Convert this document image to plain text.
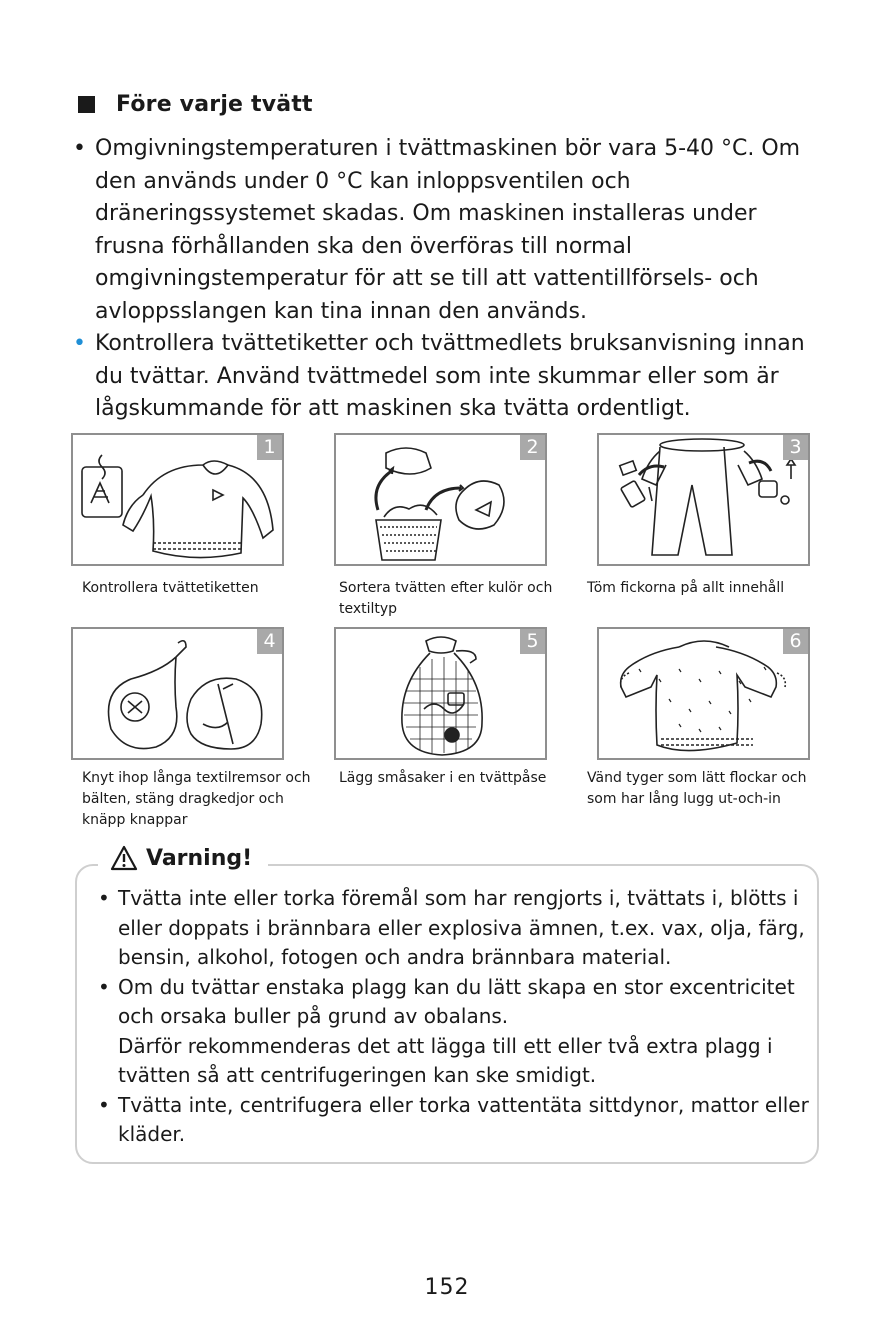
Före varje tvätt
• Omgivningstemperaturen i tvättmaskinen bör vara 5-40 °C. Om den används under 0 °C kan inloppsventilen och dräneringssystemet skadas. Om maskinen installeras under frusna förhållanden ska den överföras till normal omgivningstemperatur för att se till att vattentillförsels- och avloppsslangen kan tina innan den används.
• Kontrollera tvättetiketter och tvättmedlets bruksanvisning innan du tvättar. Använd tvättmedel som inte skummar eller som är lågskummande för att maskinen ska tvätta ordentligt.
1
Kontrollera tvättetiketten
2
Sortera tvätten efter kulör och textiltyp
3
Töm fickorna på allt innehåll
4
Knyt ihop långa textilremsor och bälten, stäng dragkedjor och knäpp knappar
5
Lägg småsaker i en tvättpåse
6
Vänd tyger som lätt flockar och som har lång lugg ut-och-in
Varning!
• Tvätta inte eller torka föremål som har rengjorts i, tvättats i, blötts i eller doppats i brännbara eller explosiva ämnen, t.ex. vax, olja, färg, bensin, alkohol, fotogen och andra brännbara material.
• Om du tvättar enstaka plagg kan du lätt skapa en stor excentricitet och orsaka buller på grund av obalans.
Därför rekommenderas det att lägga till ett eller två extra plagg i tvätten så att centrifugeringen kan ske smidigt.
• Tvätta inte, centrifugera eller torka vattentäta sittdynor, mattor eller kläder.
152
